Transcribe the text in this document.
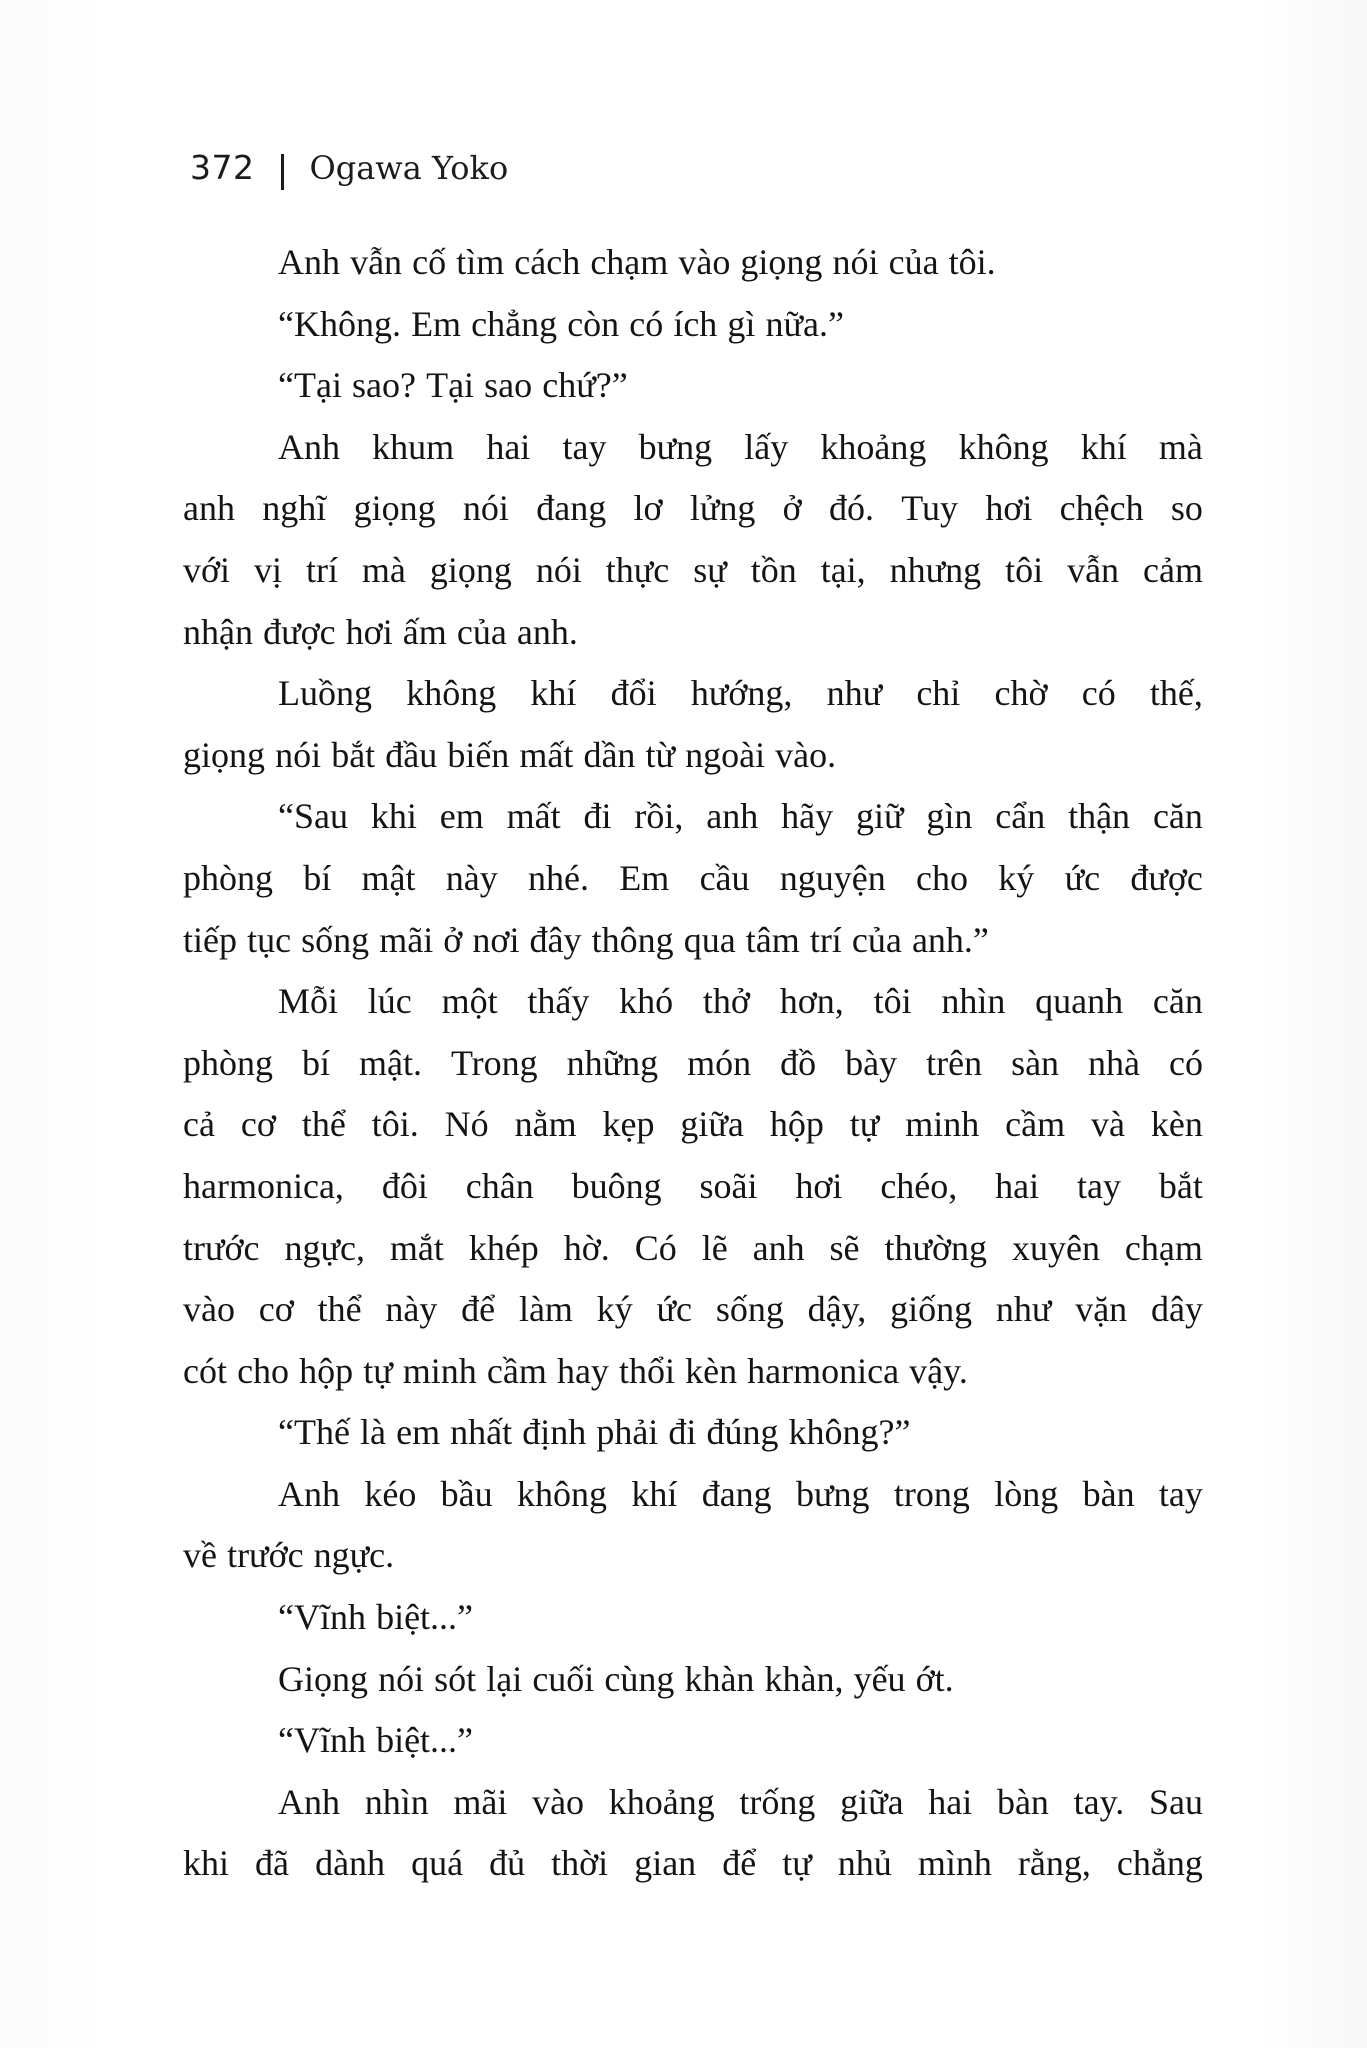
372 Ogawa Yoko
Anh vẫn cố tìm cách chạm vào giọng nói của tôi.
“Không. Em chẳng còn có ích gì nữa.”
“Tại sao? Tại sao chứ?”
Anh khum hai tay bưng lấy khoảng không khí mà
anh nghĩ giọng nói đang lơ lửng ở đó. Tuy hơi chệch so
với vị trí mà giọng nói thực sự tồn tại, nhưng tôi vẫn cảm
nhận được hơi ấm của anh.
Luồng không khí đổi hướng, như chỉ chờ có thế,
giọng nói bắt đầu biến mất dần từ ngoài vào.
“Sau khi em mất đi rồi, anh hãy giữ gìn cẩn thận căn
phòng bí mật này nhé. Em cầu nguyện cho ký ức được
tiếp tục sống mãi ở nơi đây thông qua tâm trí của anh.”
Mỗi lúc một thấy khó thở hơn, tôi nhìn quanh căn
phòng bí mật. Trong những món đồ bày trên sàn nhà có
cả cơ thể tôi. Nó nằm kẹp giữa hộp tự minh cầm và kèn
harmonica, đôi chân buông soãi hơi chéo, hai tay bắt
trước ngực, mắt khép hờ. Có lẽ anh sẽ thường xuyên chạm
vào cơ thể này để làm ký ức sống dậy, giống như vặn dây
cót cho hộp tự minh cầm hay thổi kèn harmonica vậy.
“Thế là em nhất định phải đi đúng không?”
Anh kéo bầu không khí đang bưng trong lòng bàn tay
về trước ngực.
“Vĩnh biệt...”
Giọng nói sót lại cuối cùng khàn khàn, yếu ớt.
“Vĩnh biệt...”
Anh nhìn mãi vào khoảng trống giữa hai bàn tay. Sau
khi đã dành quá đủ thời gian để tự nhủ mình rằng, chẳng
